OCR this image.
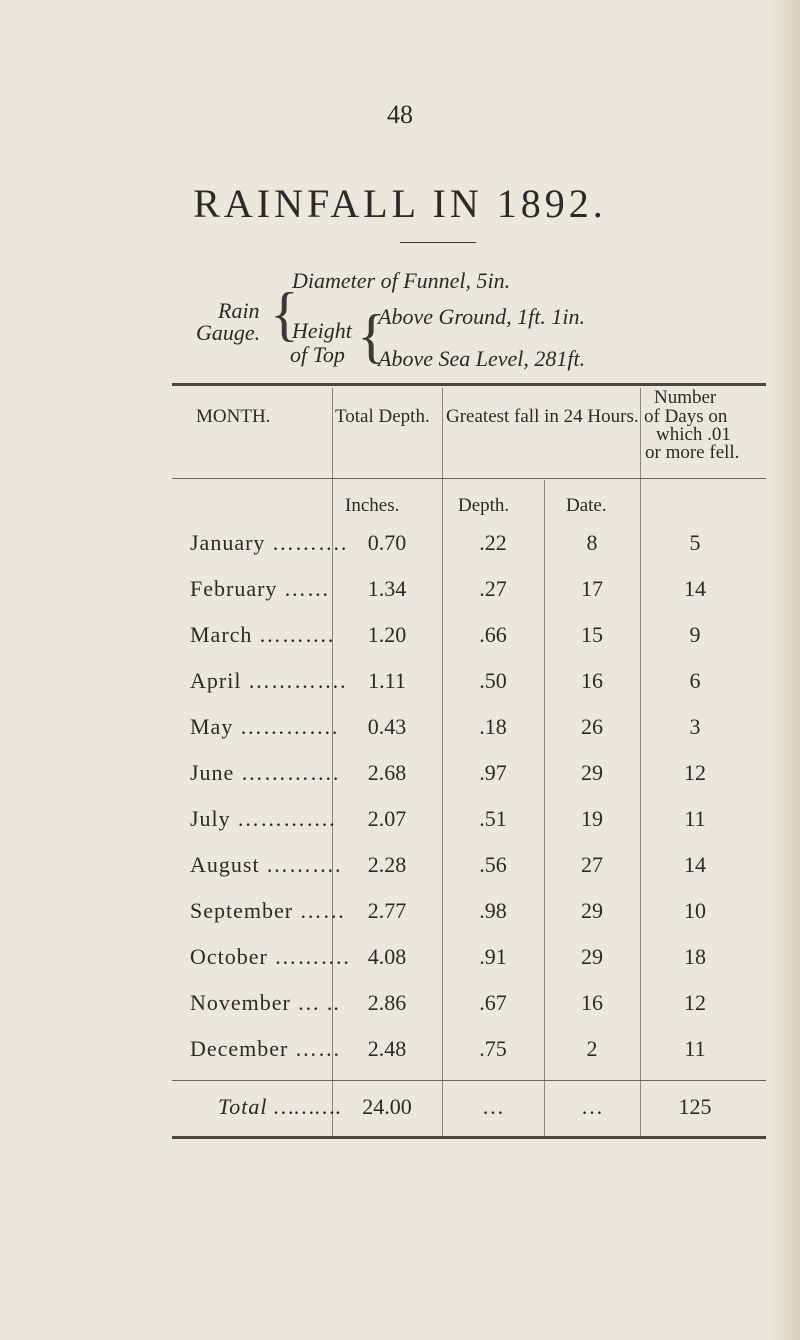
48
RAINFALL IN 1892.
Diameter of Funnel, 5in.
Rain
Gauge. {
Height
of Top {
Above Ground, 1ft. 1in.
Above Sea Level, 281ft.
MONTH.	Total Depth. Greatest fall in 24 Hours.
Number
of Days on
which .01
or more fell.
Inches.	Depth.	Date.
January ………. 0.70	.22	8	5
February ……	1.34	.27	17	14
March ……….	1.20	.66	15	9
April …………. 1.11	.50	16	6
May ………….	0.43	.18	26	3
June ………….	2.68	.97	29	12
July ………….	2.07	.51	19	11
August ……….	2.28	.56	27	14
September ……	2.77	.98	29	10
October ………. 4.08	.91	29	18
November … ..	2.86	.67	16	12
December ……	2.48	.75	2	11
Total ………. 24.00	…	…	125
